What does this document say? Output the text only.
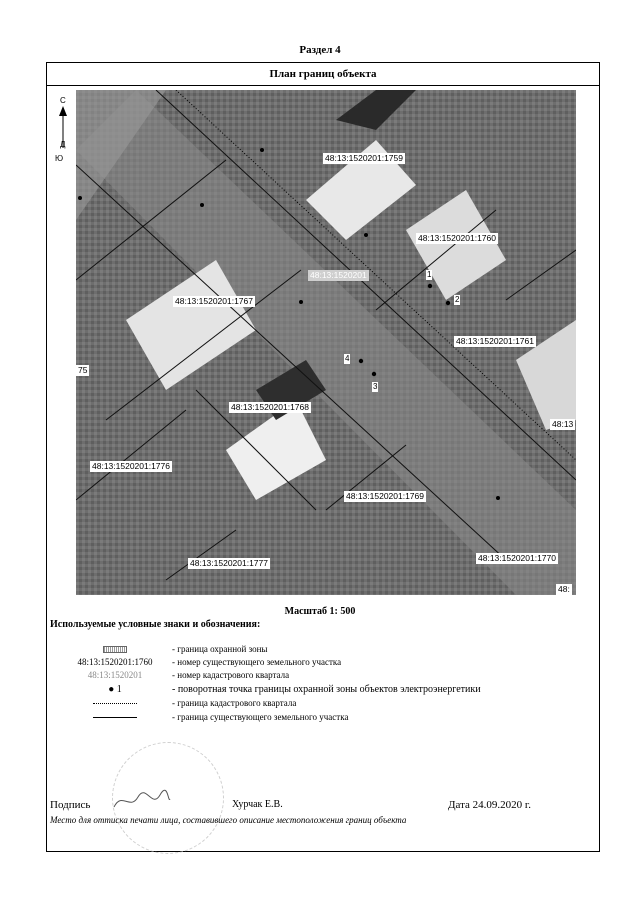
Раздел 4
План границ объекта
С
Д
Ю	48:13:1520201:1759
48:13:1520201:1760
48:13:1520201
48:13:1520201:1767
48:13:1520201:1761
75
48:13:1520201:1768
48:13
48:13:1520201:1776
48:13:1520201:1769
48:13:1520201:1770
48:13:1520201:1777
48:
1
2
3
4
Масштаб 1: 500
Используемые условные знаки и обозначения:
- граница охранной зоны
48:13:1520201:1760	- номер существующего земельного участка
48:13:1520201	- номер кадастрового квартала
● 1	- поворотная точка границы охранной зоны объектов электроэнергетики
- граница кадастрового квартала
- граница существующего земельного участка
Подпись	Хурчак Е.В.	Дата 24.09.2020 г.
Место для оттиска печати лица, составившего описание местоположения границ объекта
